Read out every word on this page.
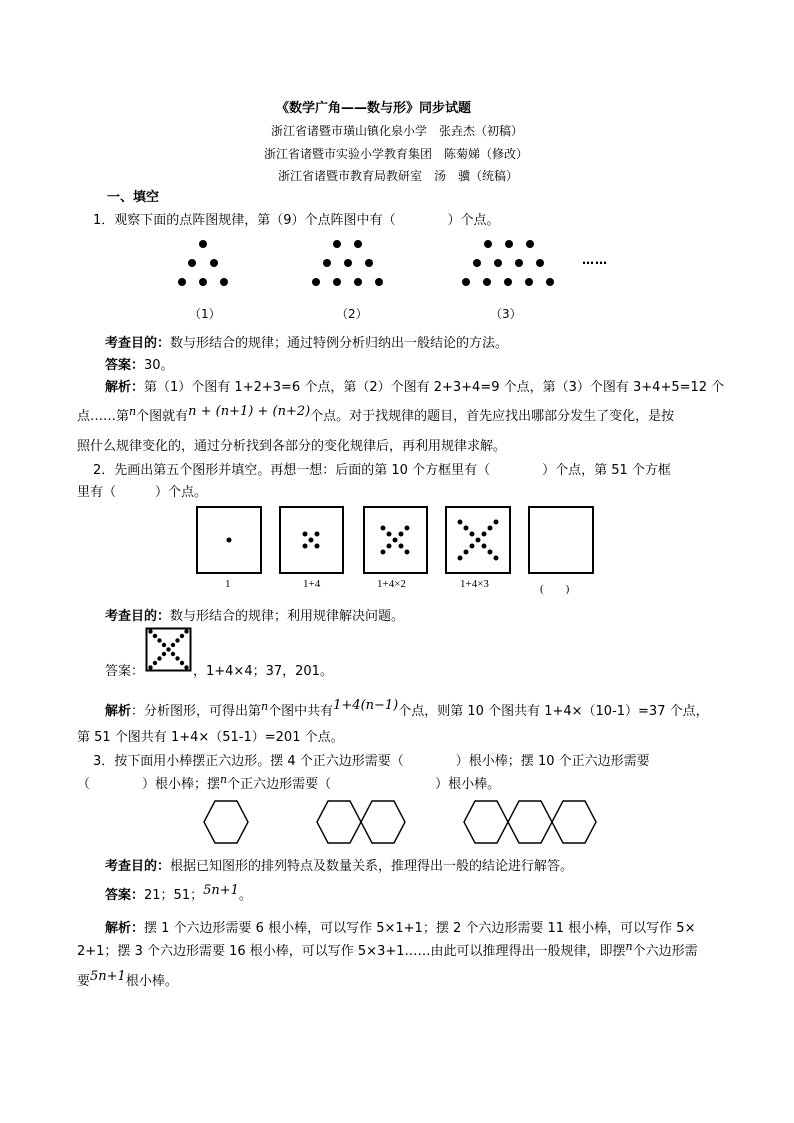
《数学广角——数与形》同步试题
浙江省诸暨市璜山镇化泉小学　张垚杰（初稿）
浙江省诸暨市实验小学教育集团　陈菊娣（修改）
浙江省诸暨市教育局教研室　汤　骥（统稿）
一、填空
1．观察下面的点阵图规律，第（9）个点阵图中有（　　　　）个点。
……
（1）	（2）	（3）
考查目的：数与形结合的规律；通过特例分析归纳出一般结论的方法。
答案：30。
解析：第（1）个图有 1+2+3=6 个点，第（2）个图有 2+3+4=9 个点，第（3）个图有 3+4+5=12 个
点……第$^n$个图就有n + (n+1) + (n+2)个点。对于找规律的题目，首先应找出哪部分发生了变化，是按
照什么规律变化的，通过分析找到各部分的变化规律后，再利用规律求解。
2．先画出第五个图形并填空。再想一想：后面的第 10 个方框里有（　　　　）个点，第 51 个方框
里有（　　　）个点。
1	1+4	1+4×2	1+4×3	(　　)
考查目的：数与形结合的规律；利用规律解决问题。
答案：	，1+4×4；37，201。
解析：分析图形，可得出第$^n$个图中共有1+4(n−1)个点，则第 10 个图共有 1+4×（10-1）=37 个点，
第 51 个图共有 1+4×（51-1）=201 个点。
3．按下面用小棒摆正六边形。摆 4 个正六边形需要（　　　　）根小棒；摆 10 个正六边形需要
（　　　　）根小棒；摆$^n$个正六边形需要（　　　　　　　　）根小棒。
考查目的：根据已知图形的排列特点及数量关系，推理得出一般的结论进行解答。
答案：21；51；5n+1。
解析：摆 1 个六边形需要 6 根小棒，可以写作 5×1+1；摆 2 个六边形需要 11 根小棒，可以写作 5×
2+1；摆 3 个六边形需要 16 根小棒，可以写作 5×3+1……由此可以推理得出一般规律，即摆$^n$个六边形需
要5n+1根小棒。
